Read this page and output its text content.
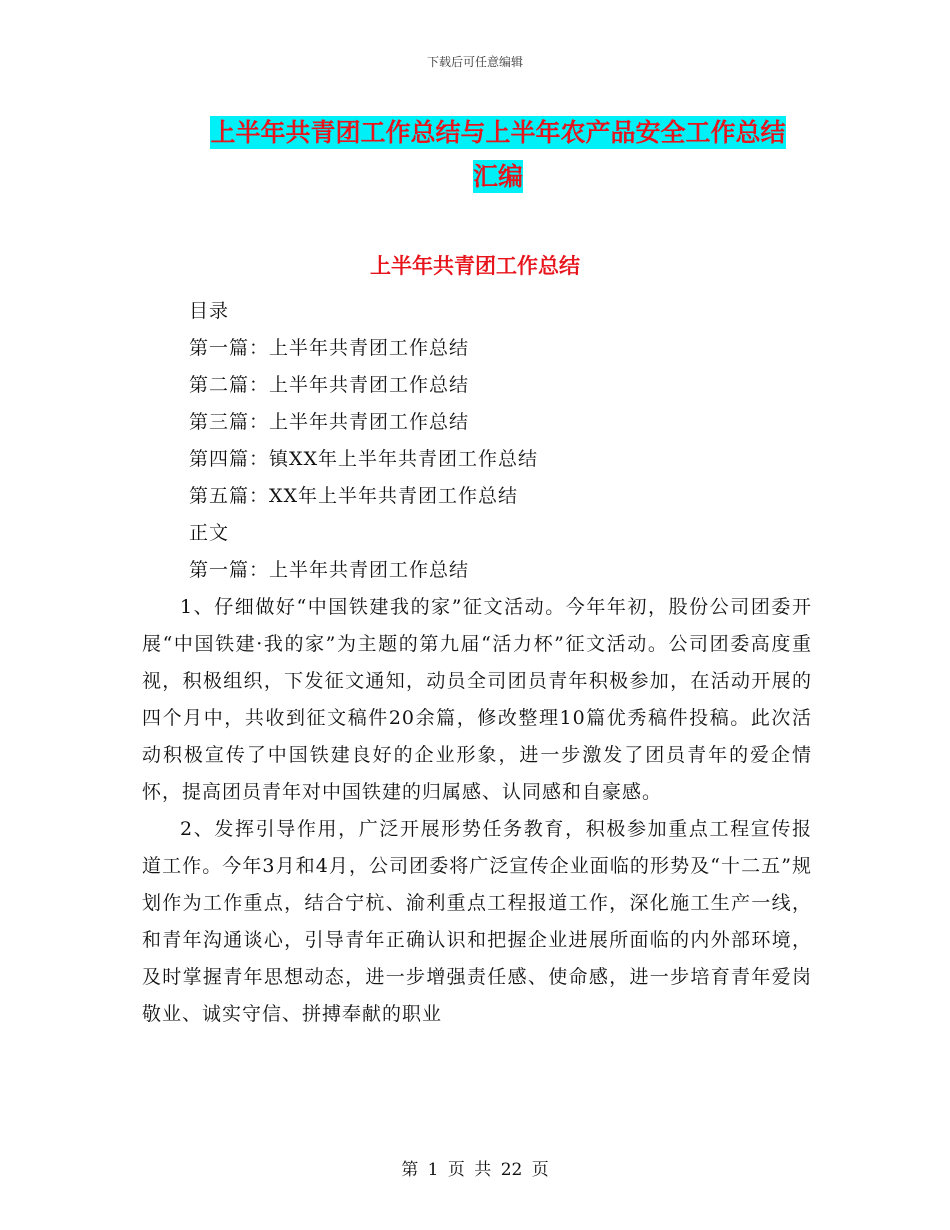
下载后可任意编辑
上半年共青团工作总结与上半年农产品安全工作总结
汇编
上半年共青团工作总结
目录
第一篇：上半年共青团工作总结
第二篇：上半年共青团工作总结
第三篇：上半年共青团工作总结
第四篇：镇XX年上半年共青团工作总结
第五篇：XX年上半年共青团工作总结
正文
第一篇：上半年共青团工作总结
1、仔细做好“中国铁建我的家”征文活动。今年年初，股份公司团委开展“中国铁建·我的家”为主题的第九届“活力杯”征文活动。公司团委高度重视，积极组织，下发征文通知，动员全司团员青年积极参加，在活动开展的四个月中，共收到征文稿件20余篇，修改整理10篇优秀稿件投稿。此次活动积极宣传了中国铁建良好的企业形象，进一步激发了团员青年的爱企情怀，提高团员青年对中国铁建的归属感、认同感和自豪感。
2、发挥引导作用，广泛开展形势任务教育，积极参加重点工程宣传报道工作。今年3月和4月，公司团委将广泛宣传企业面临的形势及“十二五”规划作为工作重点，结合宁杭、渝利重点工程报道工作，深化施工生产一线，和青年沟通谈心，引导青年正确认识和把握企业进展所面临的内外部环境，及时掌握青年思想动态，进一步增强责任感、使命感，进一步培育青年爱岗敬业、诚实守信、拼搏奉献的职业
第 1 页 共 22 页
